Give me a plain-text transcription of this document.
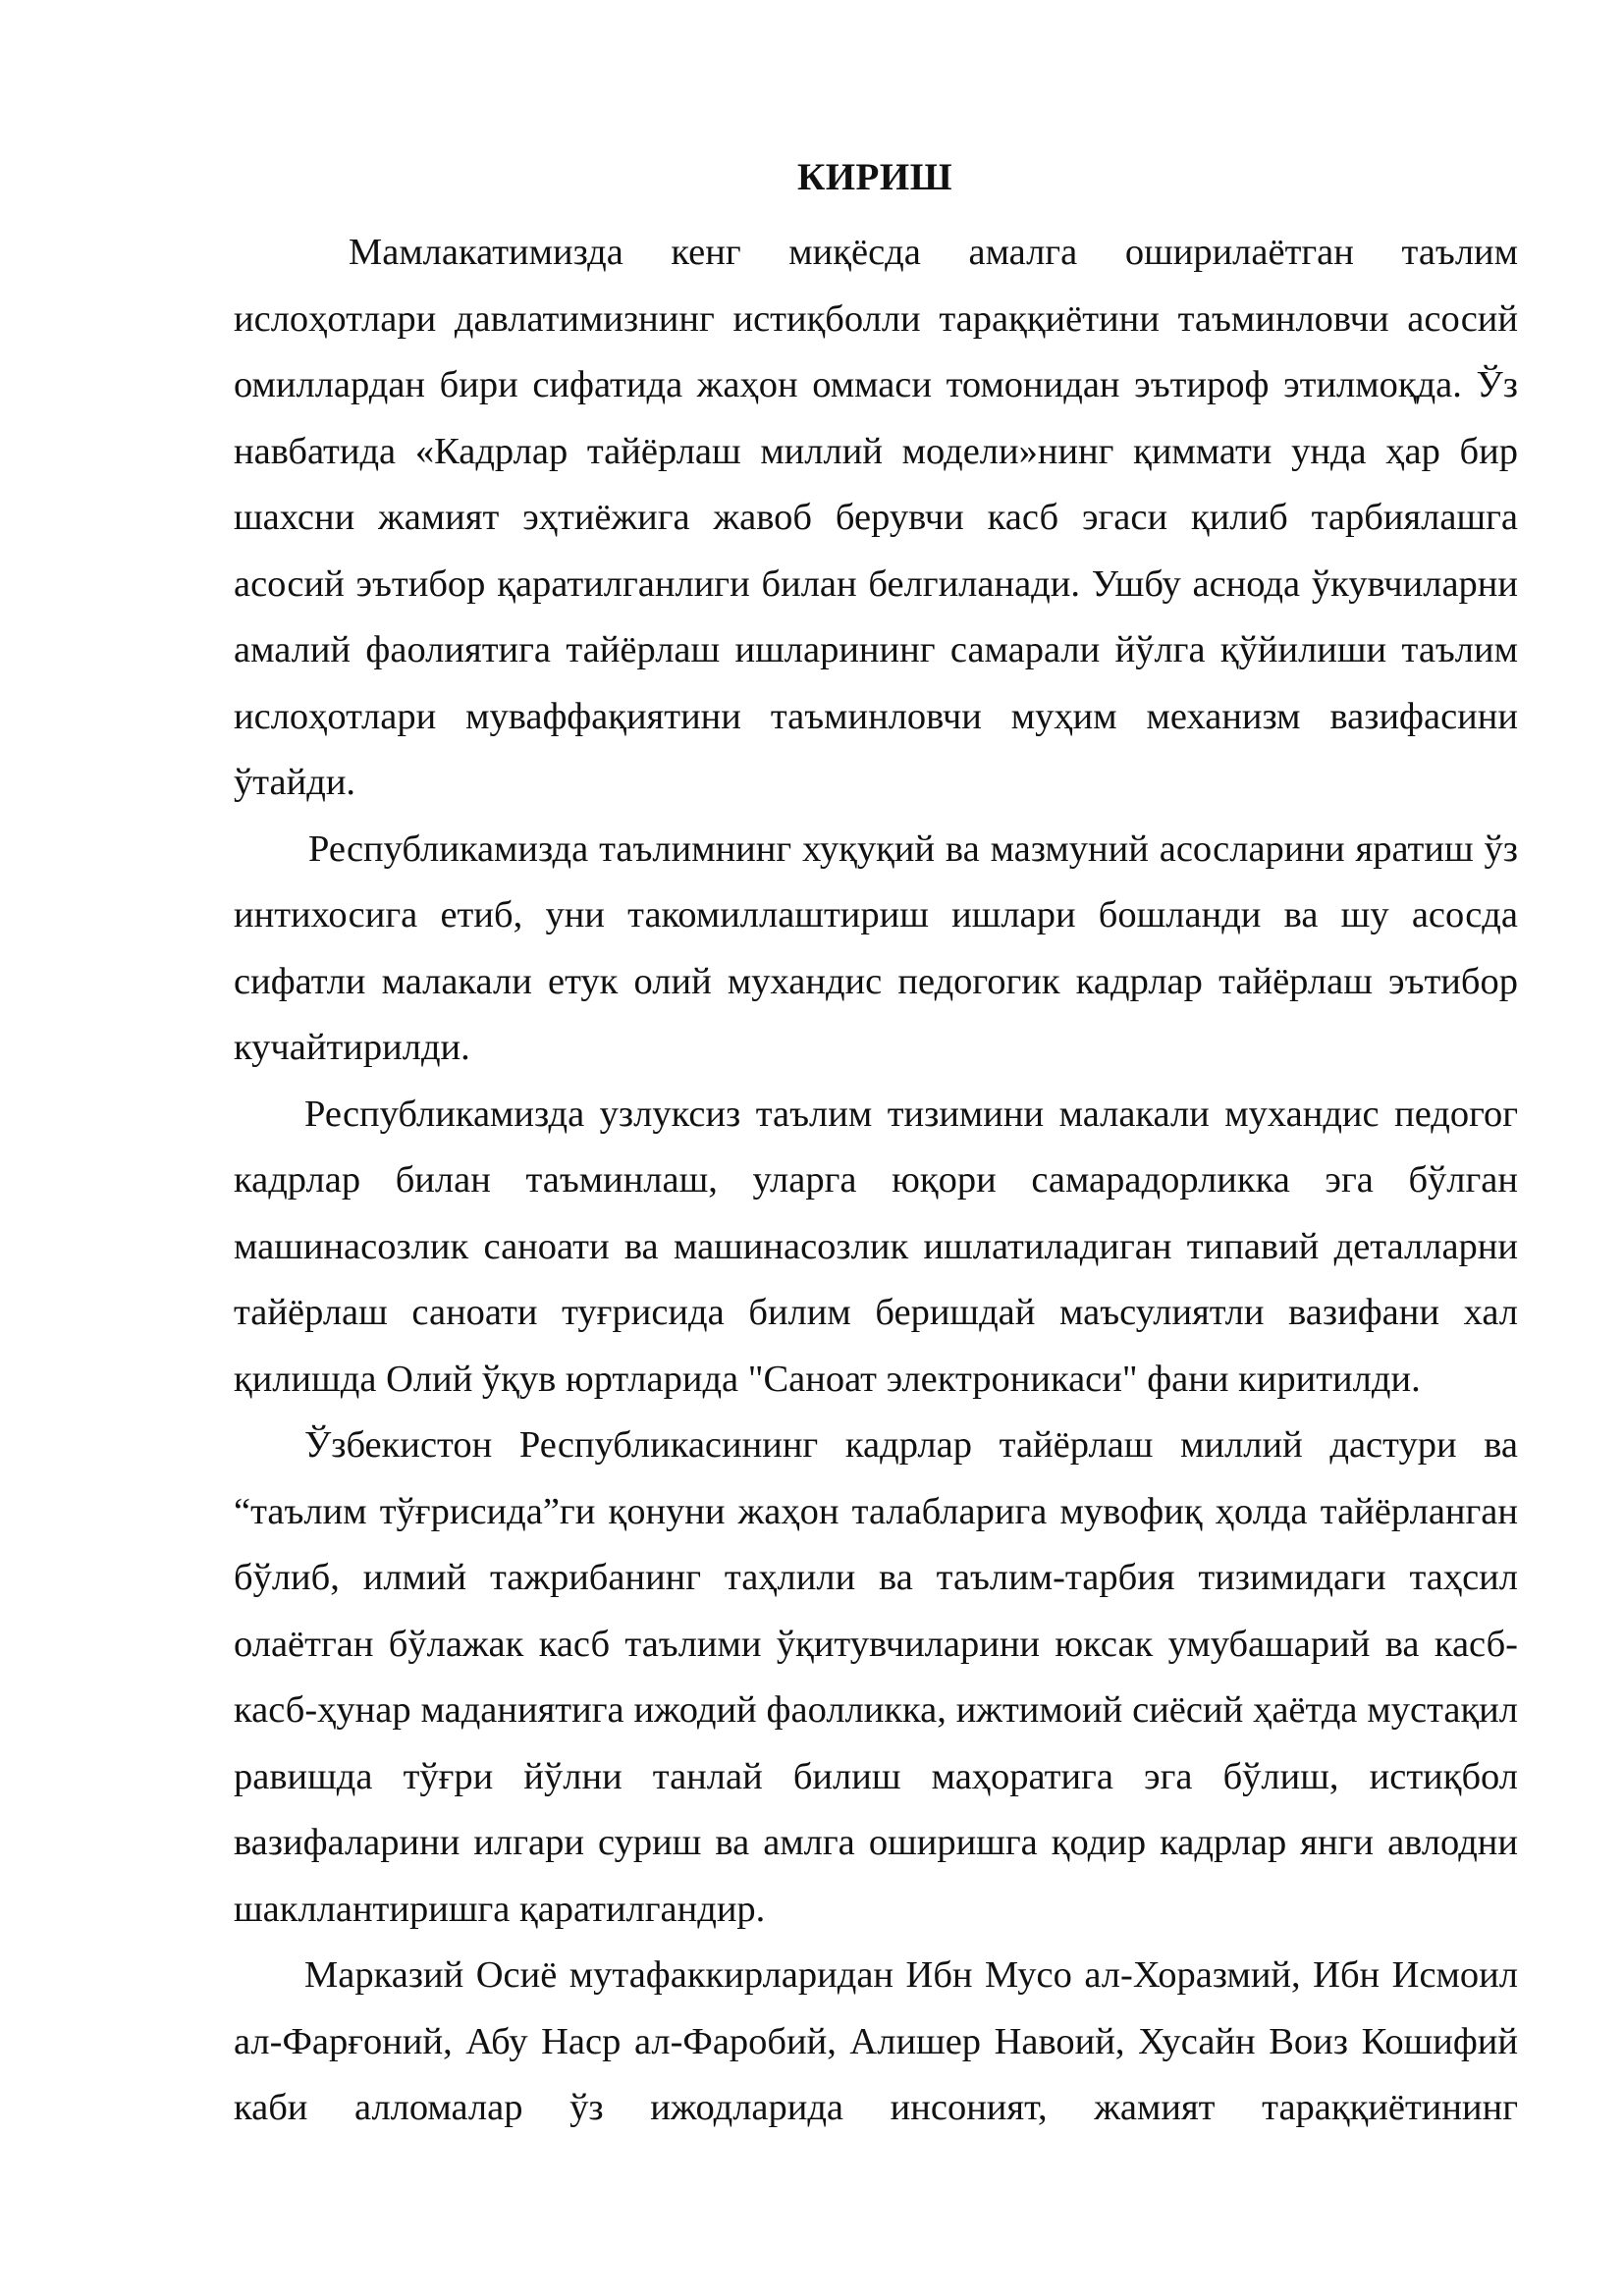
КИРИШ

Мамлакатимизда кенг миқёсда амалга оширилаётган таълим ислоҳотлари давлатимизнинг истиқболли тараққиётини таъминловчи асосий омиллардан бири сифатида жаҳон оммаси томонидан эътироф этилмоқда. Ўз навбатида «Кадрлар тайёрлаш миллий модели»нинг қиммати унда ҳар бир шахсни жамият эҳтиёжига жавоб берувчи касб эгаси қилиб тарбиялашга асосий эътибор қаратилганлиги билан белгиланади. Ушбу аснода ўкувчиларни амалий фаолиятига тайёрлаш ишларининг самарали йўлга қўйилиши таълим ислоҳотлари муваффақиятини таъминловчи муҳим механизм вазифасини ўтайди.

Республикамизда таълимнинг хуқуқий ва мазмуний асосларини яратиш ўз интихосига етиб, уни такомиллаштириш ишлари бошланди ва шу асосда сифатли малакали етук олий мухандис педогогик кадрлар тайёрлаш эътибор кучайтирилди.

Республикамизда узлуксиз таълим тизимини малакали мухандис педогог кадрлар билан таъминлаш, уларга юқори самарадорликка эга бўлган машинасозлик саноати ва машинасозлик ишлатиладиган типавий деталларни тайёрлаш саноати туғрисида билим беришдай маъсулиятли вазифани хал қилишда Олий ўқув юртларида "Саноат электроникаси" фани киритилди.

Ўзбекистон Республикасининг кадрлар тайёрлаш миллий дастури ва “таълим тўғрисида”ги қонуни жаҳон талабларига мувофиқ ҳолда тайёрланган бўлиб, илмий тажрибанинг таҳлили ва таълим-тарбия тизимидаги таҳсил олаётган бўлажак касб таълими ўқитувчиларини юксак умубашарий ва касб-касб-ҳунар маданиятига ижодий фаолликка, ижтимоий сиёсий ҳаётда мустақил равишда тўғри йўлни танлай билиш маҳоратига эга бўлиш, истиқбол вазифаларини илгари суриш ва амлга оширишга қодир кадрлар янги авлодни шакллантиришга қаратилгандир.

Марказий Осиё мутафаккирларидан Ибн Мусо ал-Хоразмий, Ибн Исмоил ал-Фарғоний, Абу Наср ал-Фаробий, Алишер Навоий, Хусайн Воиз Кошифий каби алломалар ўз ижодларида инсоният, жамият тараққиётининг
